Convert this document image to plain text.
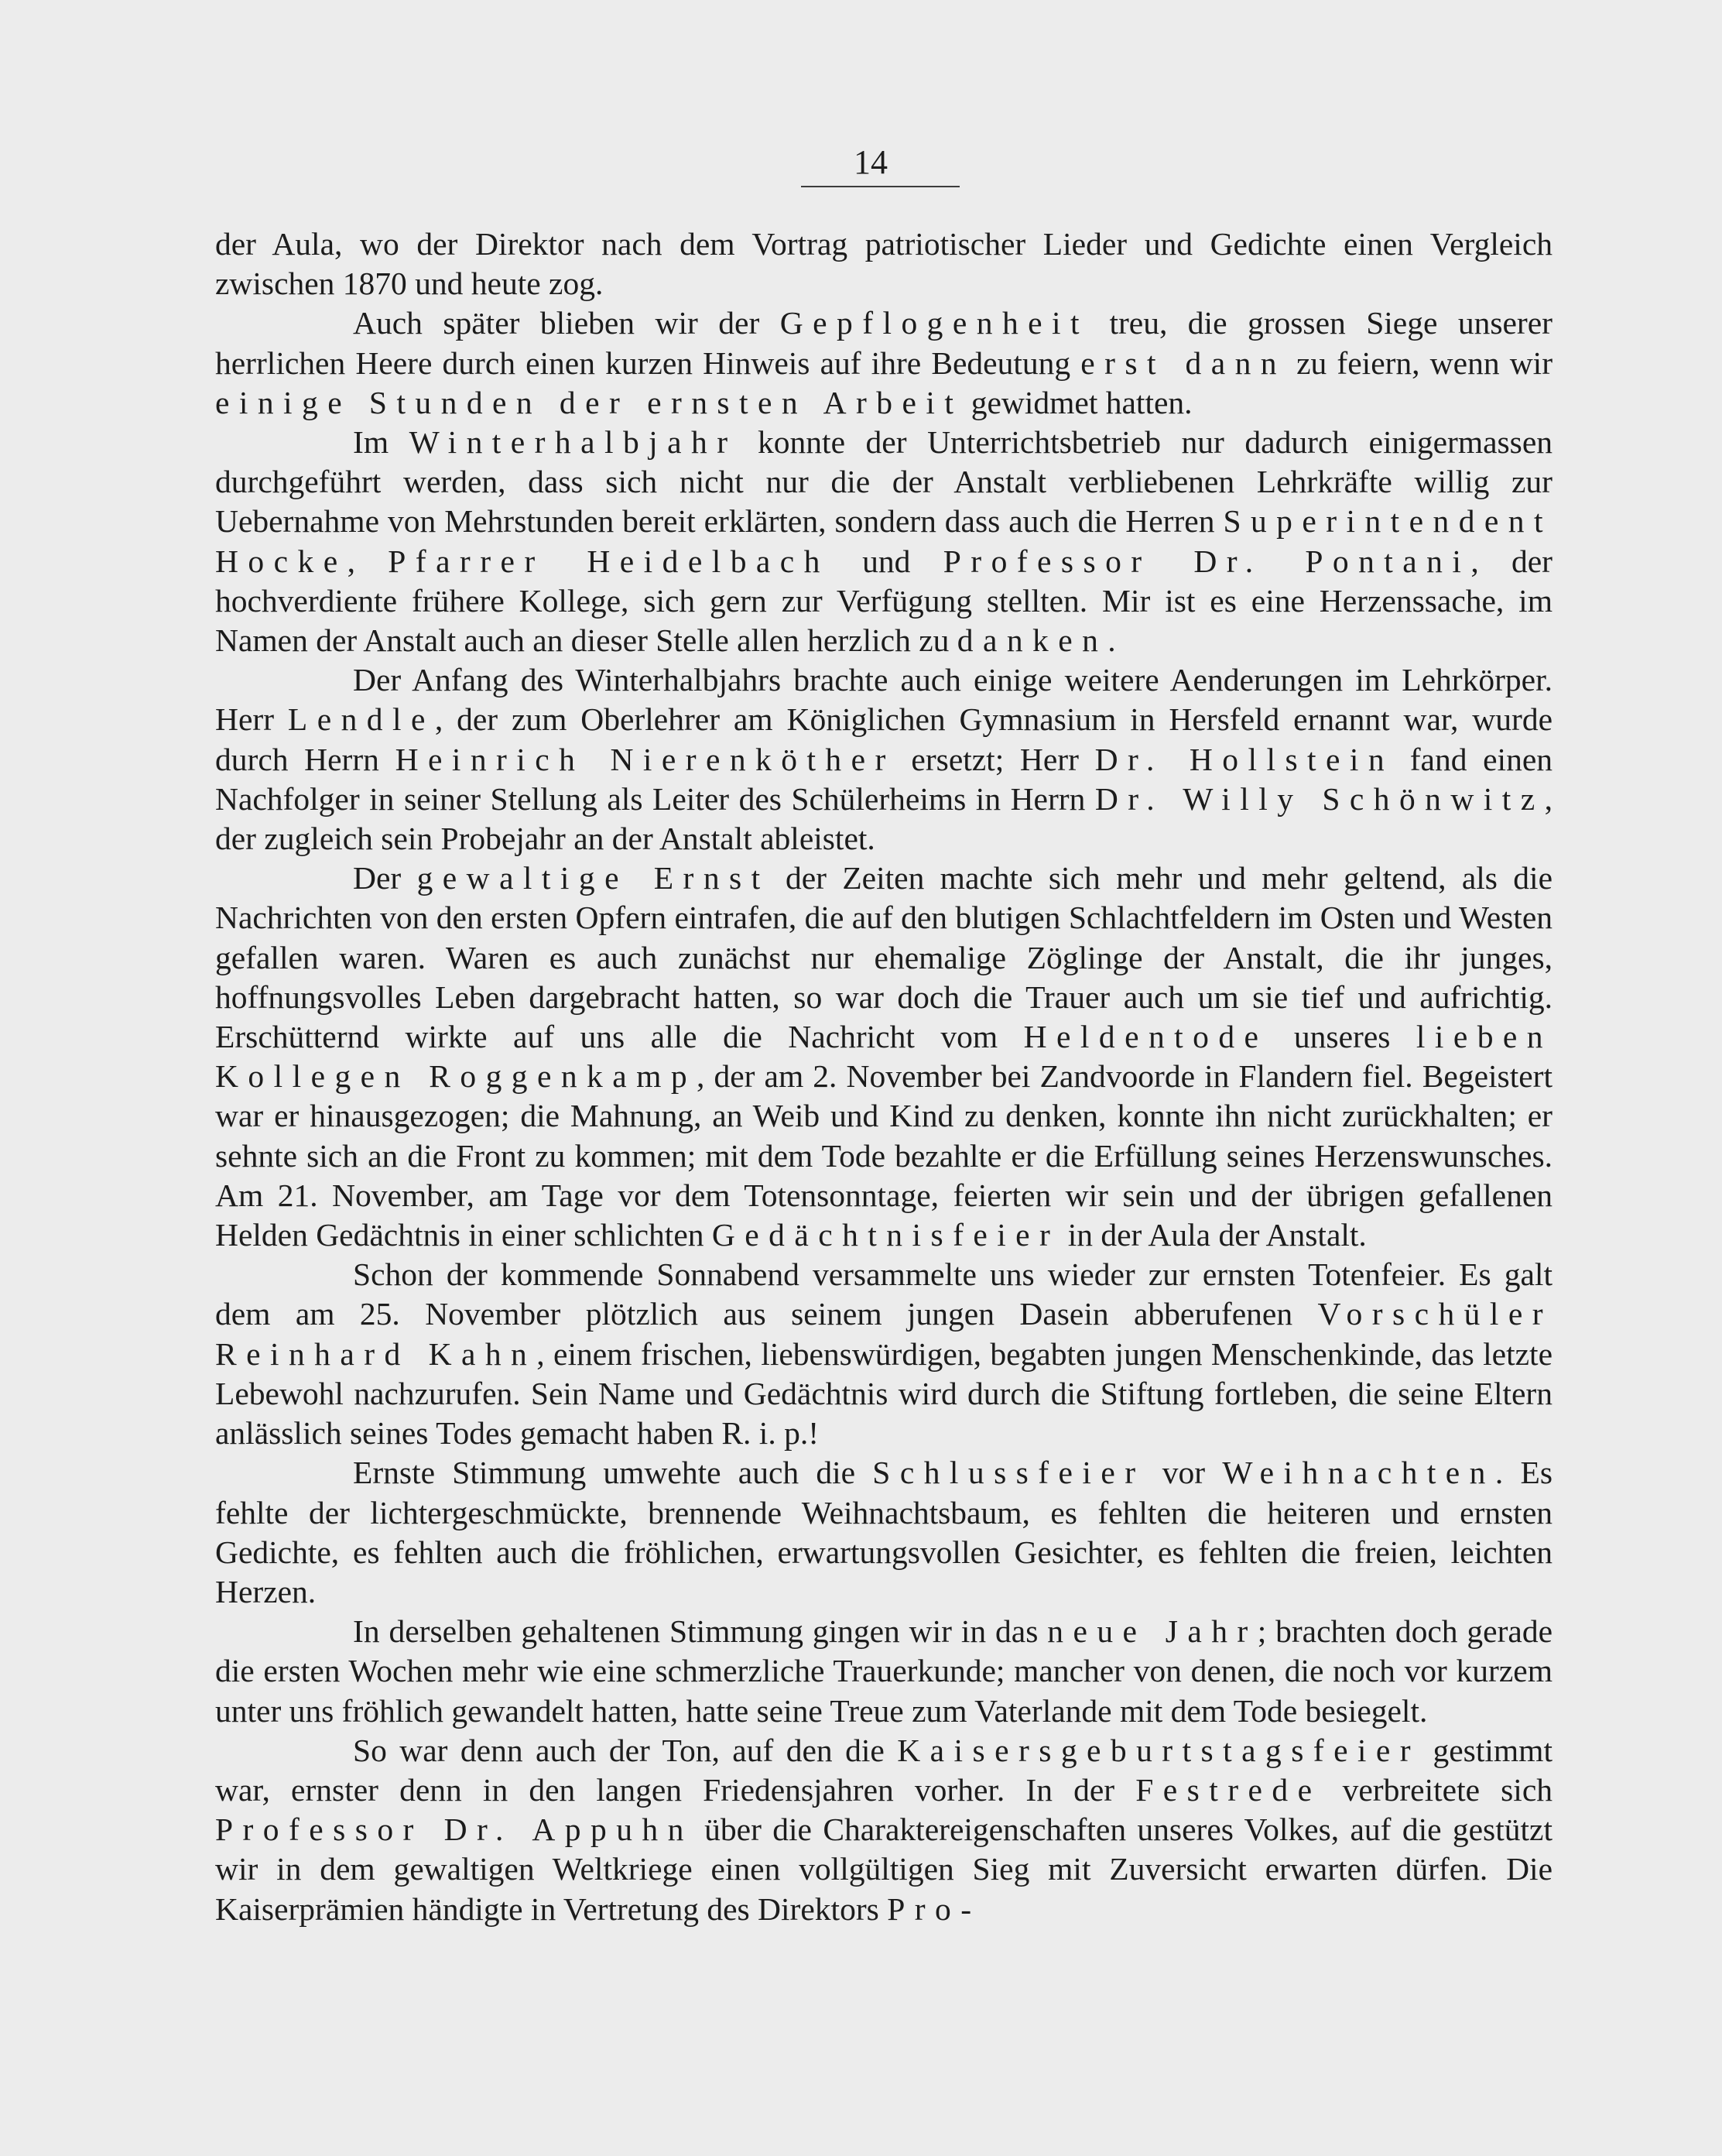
14

der Aula, wo der Direktor nach dem Vortrag patriotischer Lieder und Gedichte einen Vergleich zwischen 1870 und heute zog.

Auch später blieben wir der Gepflogenheit treu, die grossen Siege unserer herrlichen Heere durch einen kurzen Hinweis auf ihre Bedeutung erst dann zu feiern, wenn wir einige Stunden der ernsten Arbeit gewidmet hatten.

Im Winterhalbjahr konnte der Unterrichtsbetrieb nur dadurch einigermassen durchgeführt werden, dass sich nicht nur die der Anstalt verbliebenen Lehrkräfte willig zur Uebernahme von Mehrstunden bereit erklärten, sondern dass auch die Herren Superintendent Hocke, Pfarrer Heidelbach und Professor Dr. Pontani, der hochverdiente frühere Kollege, sich gern zur Verfügung stellten. Mir ist es eine Herzenssache, im Namen der Anstalt auch an dieser Stelle allen herzlich zu danken.

Der Anfang des Winterhalbjahrs brachte auch einige weitere Aenderungen im Lehrkörper. Herr Lendle, der zum Oberlehrer am Königlichen Gymnasium in Hersfeld ernannt war, wurde durch Herrn Heinrich Nierenköther ersetzt; Herr Dr. Hollstein fand einen Nachfolger in seiner Stellung als Leiter des Schülerheims in Herrn Dr. Willy Schönwitz, der zugleich sein Probejahr an der Anstalt ableistet.

Der gewaltige Ernst der Zeiten machte sich mehr und mehr geltend, als die Nachrichten von den ersten Opfern eintrafen, die auf den blutigen Schlachtfeldern im Osten und Westen gefallen waren. Waren es auch zunächst nur ehemalige Zöglinge der Anstalt, die ihr junges, hoffnungsvolles Leben dargebracht hatten, so war doch die Trauer auch um sie tief und aufrichtig. Erschütternd wirkte auf uns alle die Nachricht vom Heldentode unseres lieben Kollegen Roggenkamp, der am 2. November bei Zandvoorde in Flandern fiel. Begeistert war er hinausgezogen; die Mahnung, an Weib und Kind zu denken, konnte ihn nicht zurückhalten; er sehnte sich an die Front zu kommen; mit dem Tode bezahlte er die Erfüllung seines Herzenswunsches. Am 21. November, am Tage vor dem Totensonntage, feierten wir sein und der übrigen gefallenen Helden Gedächtnis in einer schlichten Gedächtnisfeier in der Aula der Anstalt.

Schon der kommende Sonnabend versammelte uns wieder zur ernsten Totenfeier. Es galt dem am 25. November plötzlich aus seinem jungen Dasein abberufenen Vorschüler Reinhard Kahn, einem frischen, liebenswürdigen, begabten jungen Menschenkinde, das letzte Lebewohl nachzurufen. Sein Name und Gedächtnis wird durch die Stiftung fortleben, die seine Eltern anlässlich seines Todes gemacht haben R. i. p.!

Ernste Stimmung umwehte auch die Schlussfeier vor Weihnachten. Es fehlte der lichtergeschmückte, brennende Weihnachtsbaum, es fehlten die heiteren und ernsten Gedichte, es fehlten auch die fröhlichen, erwartungsvollen Gesichter, es fehlten die freien, leichten Herzen.

In derselben gehaltenen Stimmung gingen wir in das neue Jahr; brachten doch gerade die ersten Wochen mehr wie eine schmerzliche Trauerkunde; mancher von denen, die noch vor kurzem unter uns fröhlich gewandelt hatten, hatte seine Treue zum Vaterlande mit dem Tode besiegelt.

So war denn auch der Ton, auf den die Kaisersgeburtstagsfeier gestimmt war, ernster denn in den langen Friedensjahren vorher. In der Festrede verbreitete sich Professor Dr. Appuhn über die Charaktereigenschaften unseres Volkes, auf die gestützt wir in dem gewaltigen Weltkriege einen vollgültigen Sieg mit Zuversicht erwarten dürfen. Die Kaiserprämien händigte in Vertretung des Direktors Pro-
